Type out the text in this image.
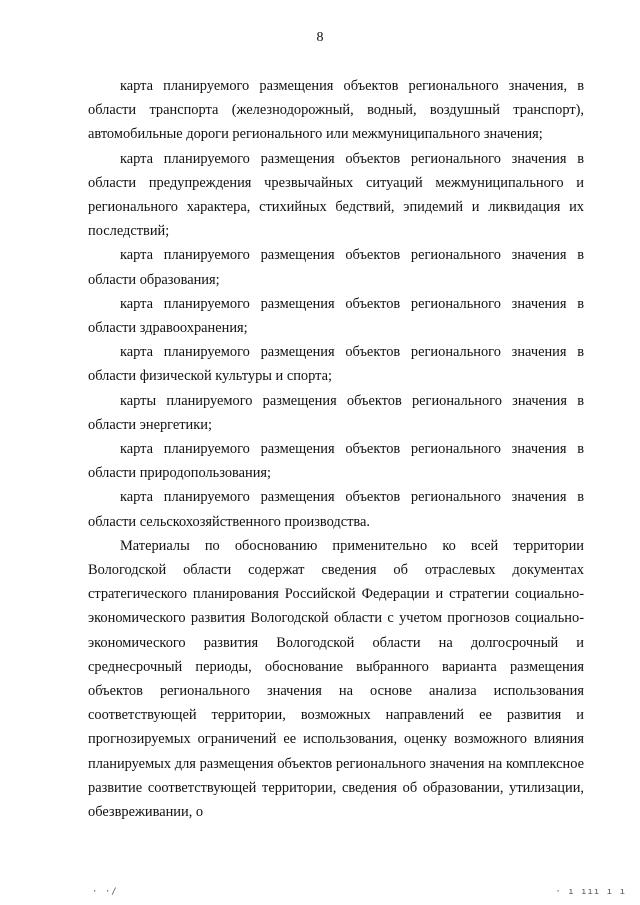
8

карта планируемого размещения объектов регионального значения, в области транспорта (железнодорожный, водный, воздушный транспорт), автомобильные дороги регионального или межмуниципального значения;

карта планируемого размещения объектов регионального значения в области предупреждения чрезвычайных ситуаций межмуниципального и регионального характера, стихийных бедствий, эпидемий и ликвидация их последствий;

карта планируемого размещения объектов регионального значения в области образования;

карта планируемого размещения объектов регионального значения в области здравоохранения;

карта планируемого размещения объектов регионального значения в области физической культуры и спорта;

карты планируемого размещения объектов регионального значения в области энергетики;

карта планируемого размещения объектов регионального значения в области природопользования;

карта планируемого размещения объектов регионального значения в области сельскохозяйственного производства.

Материалы по обоснованию применительно ко всей территории Вологодской области содержат сведения об отраслевых документах стратегического планирования Российской Федерации и стратегии социально-экономического развития Вологодской области с учетом прогнозов социально-экономического развития Вологодской области на долгосрочный и среднесрочный периоды, обоснование выбранного варианта размещения объектов регионального значения на основе анализа использования соответствующей территории, возможных направлений ее развития и прогнозируемых ограничений ее использования, оценку возможного влияния планируемых для размещения объектов регионального значения на комплексное развитие соответствующей территории, сведения об образовании, утилизации, обезвреживании, о

· ·/	· ı ııı ı ı
